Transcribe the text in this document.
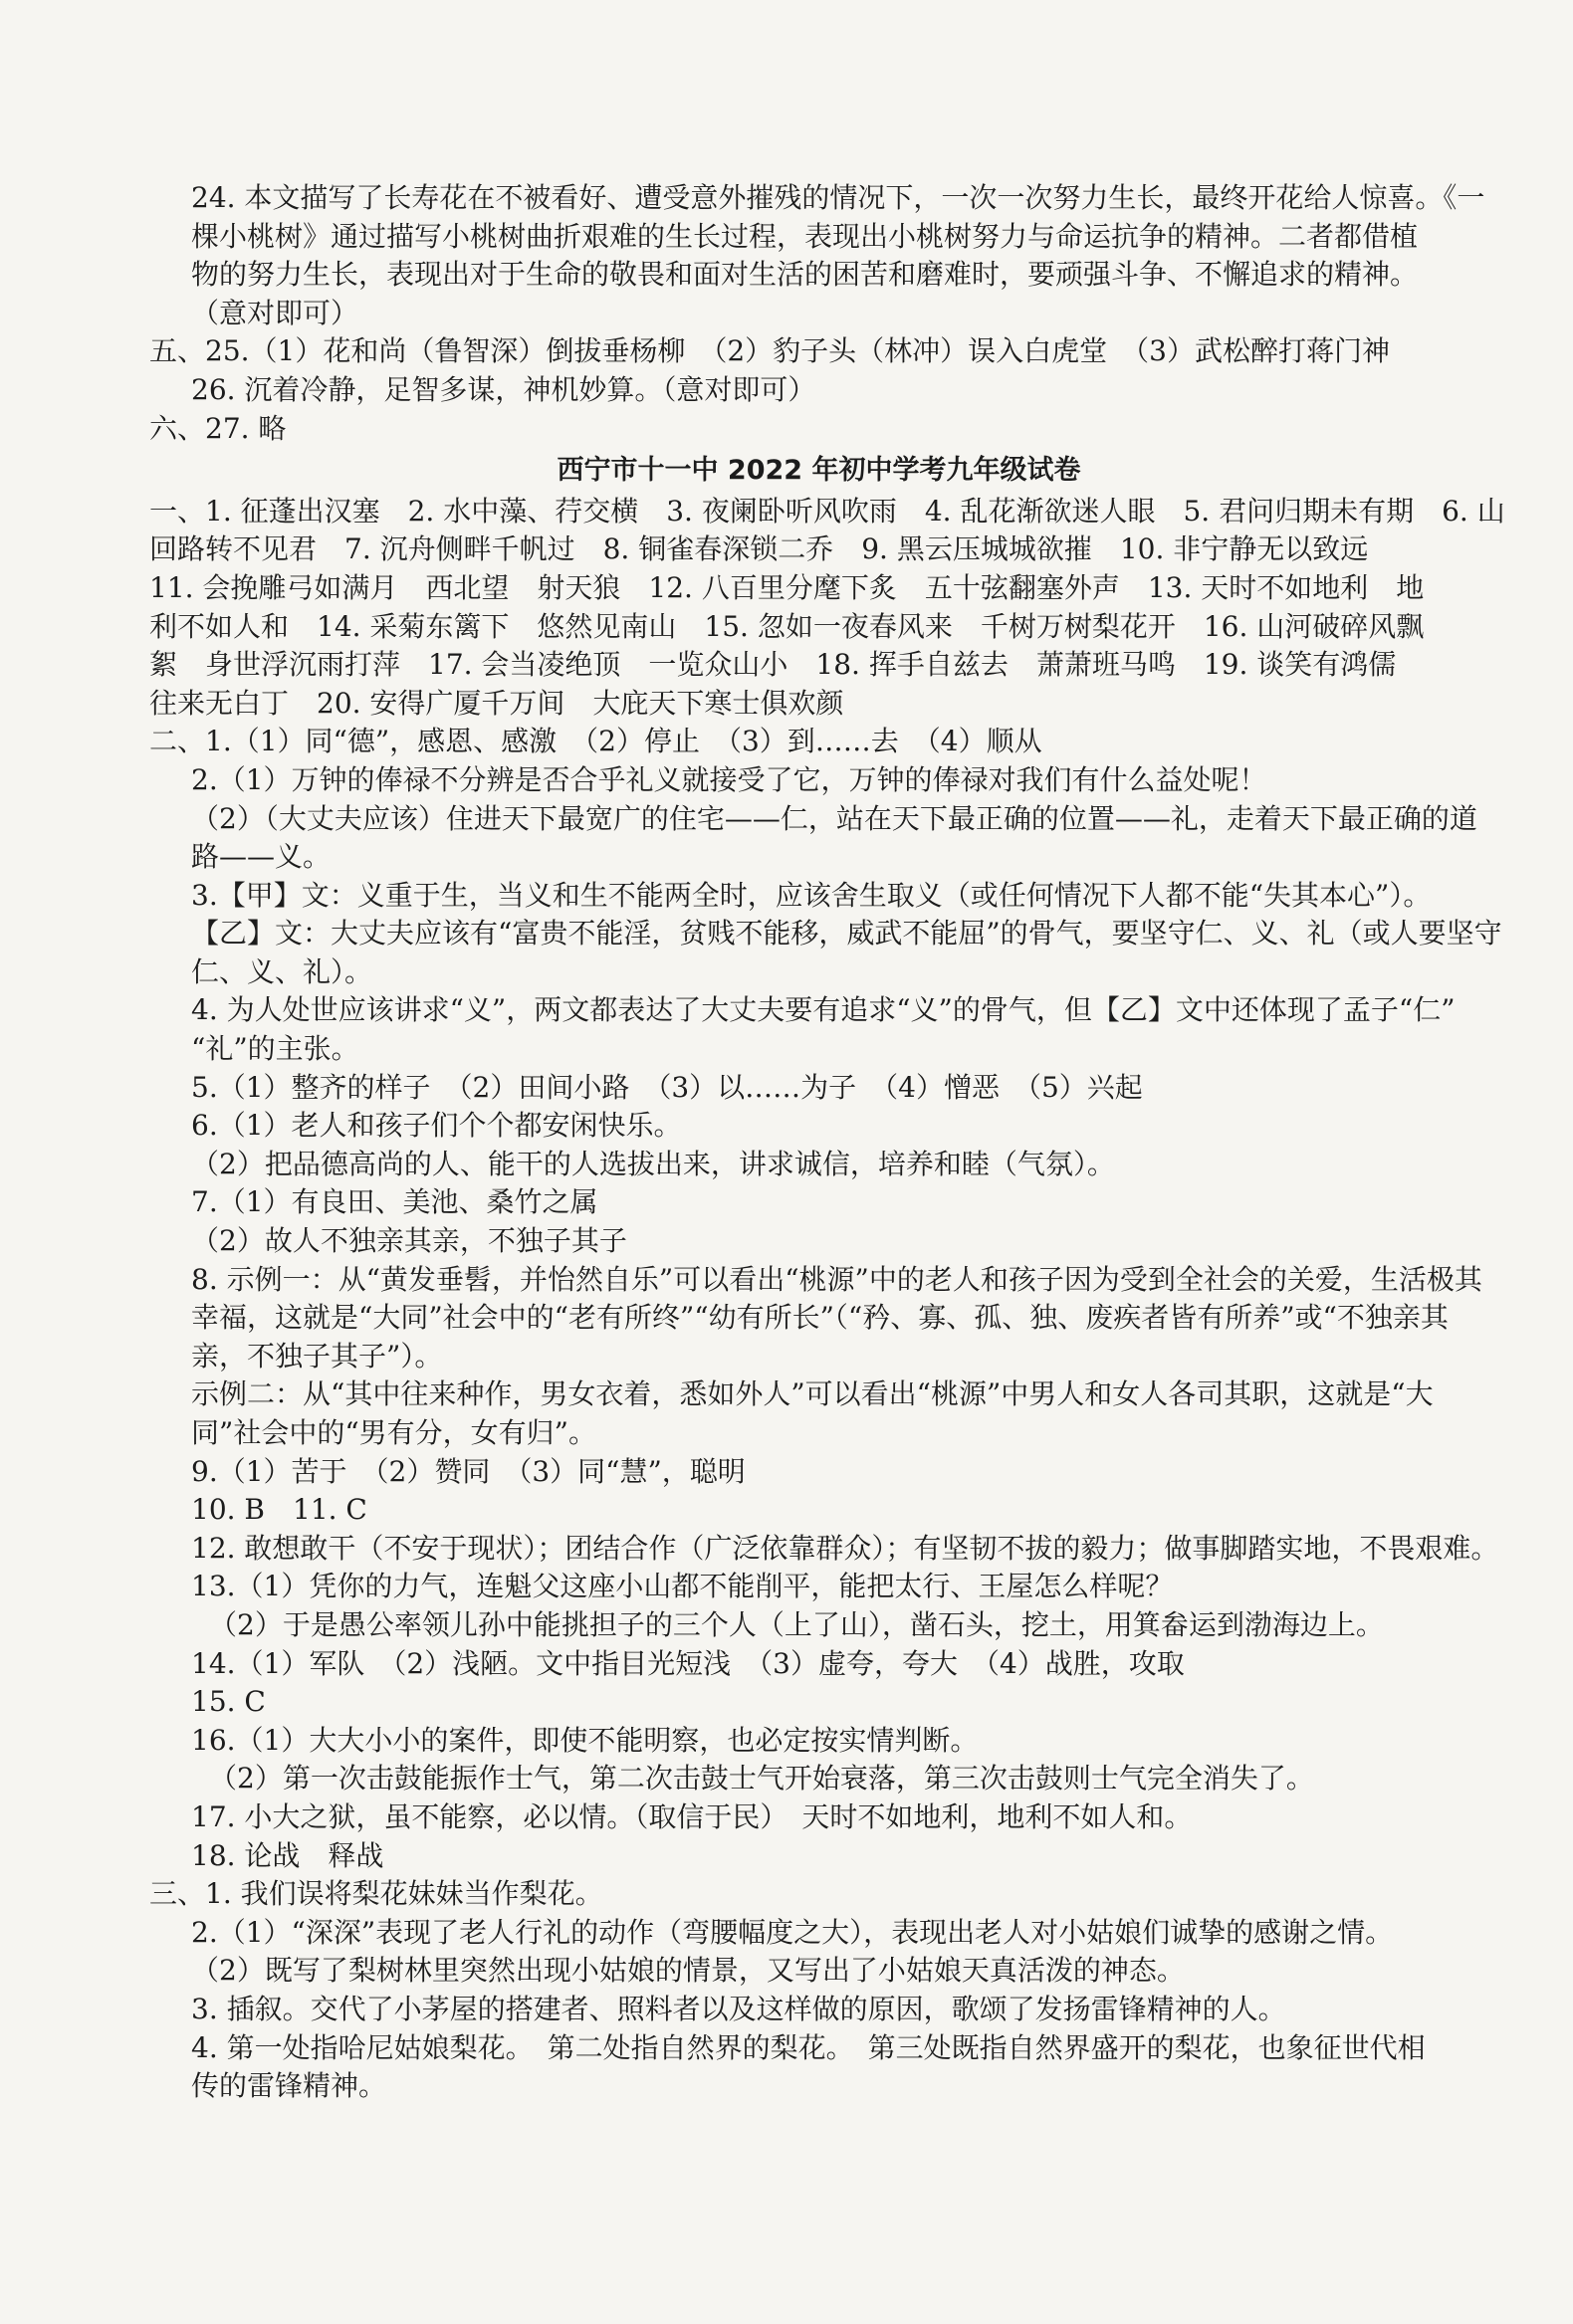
24. 本文描写了长寿花在不被看好、遭受意外摧残的情况下，一次一次努力生长，最终开花给人惊喜。《一
棵小桃树》通过描写小桃树曲折艰难的生长过程，表现出小桃树努力与命运抗争的精神。二者都借植
物的努力生长，表现出对于生命的敬畏和面对生活的困苦和磨难时，要顽强斗争、不懈追求的精神。
（意对即可）
五、25.（1）花和尚（鲁智深）倒拔垂杨柳　（2）豹子头（林冲）误入白虎堂　（3）武松醉打蒋门神
26. 沉着冷静，足智多谋，神机妙算。（意对即可）
六、27. 略
西宁市十一中 2022 年初中学考九年级试卷
一、1. 征蓬出汉塞　2. 水中藻、荇交横　3. 夜阑卧听风吹雨　4. 乱花渐欲迷人眼　5. 君问归期未有期　6. 山
回路转不见君　7. 沉舟侧畔千帆过　8. 铜雀春深锁二乔　9. 黑云压城城欲摧　10. 非宁静无以致远
11. 会挽雕弓如满月　西北望　射天狼　12. 八百里分麾下炙　五十弦翻塞外声　13. 天时不如地利　地
利不如人和　14. 采菊东篱下　悠然见南山　15. 忽如一夜春风来　千树万树梨花开　16. 山河破碎风飘
絮　身世浮沉雨打萍　17. 会当凌绝顶　一览众山小　18. 挥手自兹去　萧萧班马鸣　19. 谈笑有鸿儒
往来无白丁　20. 安得广厦千万间　大庇天下寒士俱欢颜
二、1.（1）同“德”，感恩、感激　（2）停止　（3）到……去　（4）顺从
2.（1）万钟的俸禄不分辨是否合乎礼义就接受了它，万钟的俸禄对我们有什么益处呢！
（2）（大丈夫应该）住进天下最宽广的住宅——仁，站在天下最正确的位置——礼，走着天下最正确的道
路——义。
3.【甲】文：义重于生，当义和生不能两全时，应该舍生取义（或任何情况下人都不能“失其本心”）。
【乙】文：大丈夫应该有“富贵不能淫，贫贱不能移，威武不能屈”的骨气，要坚守仁、义、礼（或人要坚守
仁、义、礼）。
4. 为人处世应该讲求“义”，两文都表达了大丈夫要有追求“义”的骨气，但【乙】文中还体现了孟子“仁”
“礼”的主张。
5.（1）整齐的样子　（2）田间小路　（3）以……为子　（4）憎恶　（5）兴起
6.（1）老人和孩子们个个都安闲快乐。
（2）把品德高尚的人、能干的人选拔出来，讲求诚信，培养和睦（气氛）。
7.（1）有良田、美池、桑竹之属
（2）故人不独亲其亲，不独子其子
8. 示例一：从“黄发垂髫，并怡然自乐”可以看出“桃源”中的老人和孩子因为受到全社会的关爱，生活极其
幸福，这就是“大同”社会中的“老有所终”“幼有所长”（“矜、寡、孤、独、废疾者皆有所养”或“不独亲其
亲，不独子其子”）。
示例二：从“其中往来种作，男女衣着，悉如外人”可以看出“桃源”中男人和女人各司其职，这就是“大
同”社会中的“男有分，女有归”。
9.（1）苦于　（2）赞同　（3）同“慧”，聪明
10. B　11. C
12. 敢想敢干（不安于现状）；团结合作（广泛依靠群众）；有坚韧不拔的毅力；做事脚踏实地，不畏艰难。
13.（1）凭你的力气，连魁父这座小山都不能削平，能把太行、王屋怎么样呢？
（2）于是愚公率领儿孙中能挑担子的三个人（上了山），凿石头，挖土，用箕畚运到渤海边上。
14.（1）军队　（2）浅陋。文中指目光短浅　（3）虚夸，夸大　（4）战胜，攻取
15. C
16.（1）大大小小的案件，即使不能明察，也必定按实情判断。
（2）第一次击鼓能振作士气，第二次击鼓士气开始衰落，第三次击鼓则士气完全消失了。
17. 小大之狱，虽不能察，必以情。（取信于民）　天时不如地利，地利不如人和。
18. 论战　释战
三、1. 我们误将梨花妹妹当作梨花。
2.（1）“深深”表现了老人行礼的动作（弯腰幅度之大），表现出老人对小姑娘们诚挚的感谢之情。
（2）既写了梨树林里突然出现小姑娘的情景，又写出了小姑娘天真活泼的神态。
3. 插叙。交代了小茅屋的搭建者、照料者以及这样做的原因，歌颂了发扬雷锋精神的人。
4. 第一处指哈尼姑娘梨花。　第二处指自然界的梨花。　第三处既指自然界盛开的梨花，也象征世代相
传的雷锋精神。
